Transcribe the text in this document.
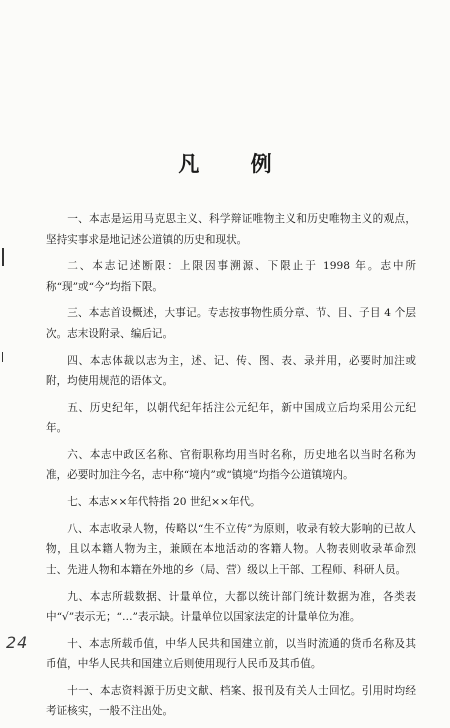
凡 例

一、本志是运用马克思主义、科学辩证唯物主义和历史唯物主义的观点，坚持实事求是地记述公道镇的历史和现状。

二、本志记述断限：上限因事溯源、下限止于 1998 年。志中所称“现”或“今”均指下限。

三、本志首设概述，大事记。专志按事物性质分章、节、目、子目 4 个层次。志末设附录、编后记。

四、本志体裁以志为主，述、记、传、图、表、录并用，必要时加注或附，均使用规范的语体文。

五、历史纪年，以朝代纪年括注公元纪年，新中国成立后均采用公元纪年。

六、本志中政区名称、官衔职称均用当时名称，历史地名以当时名称为准，必要时加注今名，志中称“境内”或“镇境”均指今公道镇境内。

七、本志××年代特指 20 世纪××年代。

八、本志收录人物，传略以“生不立传”为原则，收录有较大影响的已故人物，且以本籍人物为主，兼顾在本地活动的客籍人物。人物表则收录革命烈士、先进人物和本籍在外地的乡（局、营）级以上干部、工程师、科研人员。

九、本志所载数据、计量单位，大都以统计部门统计数据为准，各类表中“√”表示无；“…”表示缺。计量单位以国家法定的计量单位为准。

十、本志所载币值，中华人民共和国建立前，以当时流通的货币名称及其币值，中华人民共和国建立后则使用现行人民币及其币值。

十一、本志资料源于历史文献、档案、报刊及有关人士回忆。引用时均经考证核实，一般不注出处。

24
